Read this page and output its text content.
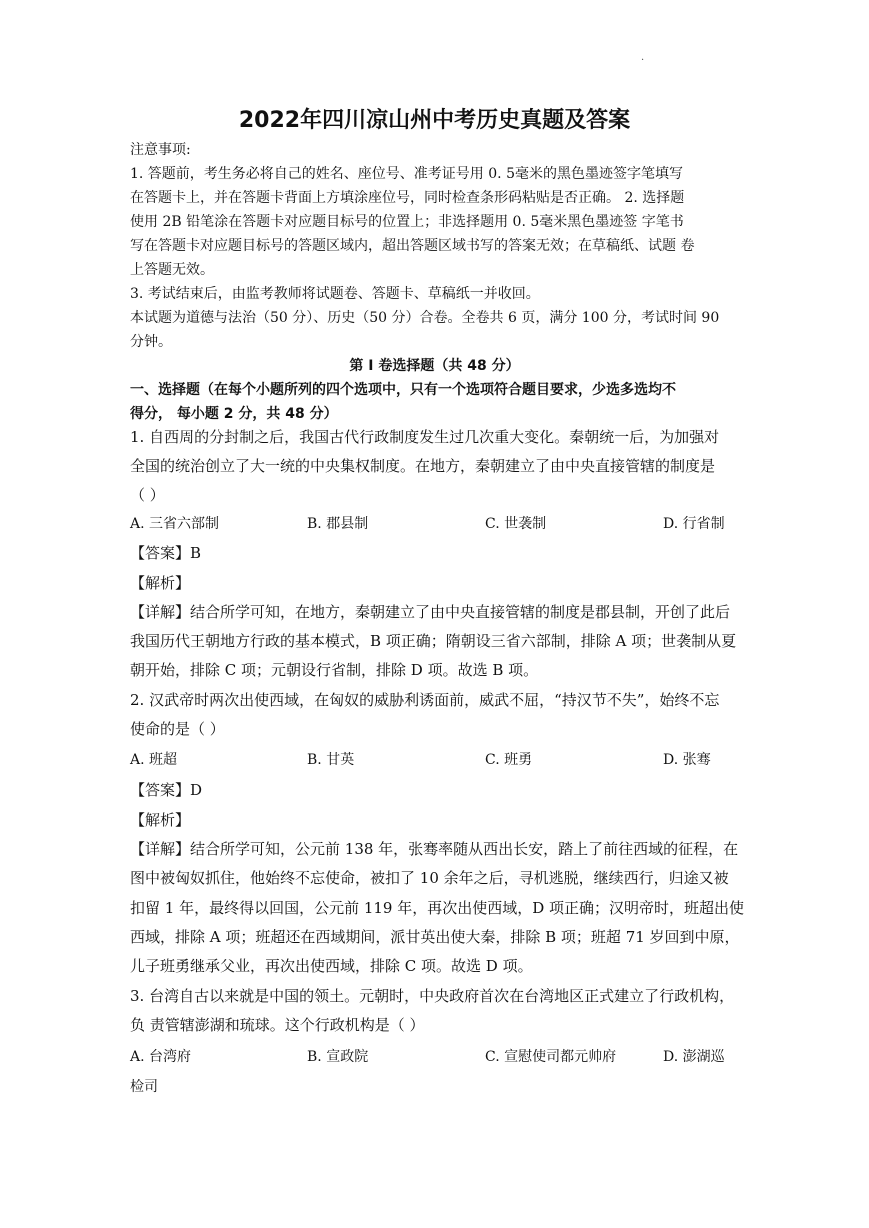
·
2022年四川凉山州中考历史真题及答案
注意事项:
1. 答题前，考生务必将自己的姓名、座位号、准考证号用 0. 5毫米的黑色墨迹签字笔填写
在答题卡上，并在答题卡背面上方填涂座位号，同时检查条形码粘贴是否正确。 2. 选择题
使用 2B 铅笔涂在答题卡对应题目标号的位置上；非选择题用 0. 5毫米黑色墨迹签 字笔书
写在答题卡对应题目标号的答题区域内，超出答题区域书写的答案无效；在草稿纸、试题 卷
上答题无效。
3. 考试结束后，由监考教师将试题卷、答题卡、草稿纸一并收回。
本试题为道德与法治（50 分）、历史（50 分）合卷。全卷共 6 页，满分 100 分，考试时间 90
分钟。
第 I 卷选择题（共 48 分）
一、选择题（在每个小题所列的四个选项中，只有一个选项符合题目要求，少选多选均不
得分， 每小题 2 分，共 48 分）
1. 自西周的分封制之后，我国古代行政制度发生过几次重大变化。秦朝统一后，为加强对
全国的统治创立了大一统的中央集权制度。在地方，秦朝建立了由中央直接管辖的制度是
（ ）
A. 三省六部制	B. 郡县制	C. 世袭制	D. 行省制
【答案】B
【解析】
【详解】结合所学可知，在地方，秦朝建立了由中央直接管辖的制度是郡县制，开创了此后
我国历代王朝地方行政的基本模式，B 项正确；隋朝设三省六部制，排除 A 项；世袭制从夏
朝开始，排除 C 项；元朝设行省制，排除 D 项。故选 B 项。
2. 汉武帝时两次出使西域，在匈奴的威胁利诱面前，威武不屈，“持汉节不失”，始终不忘
使命的是（ ）
A. 班超	B. 甘英	C. 班勇	D. 张骞
【答案】D
【解析】
【详解】结合所学可知，公元前 138 年，张骞率随从西出长安，踏上了前往西域的征程，在
图中被匈奴抓住，他始终不忘使命，被扣了 10 余年之后，寻机逃脱，继续西行，归途又被
扣留 1 年，最终得以回国，公元前 119 年，再次出使西域，D 项正确；汉明帝时，班超出使
西域，排除 A 项；班超还在西域期间，派甘英出使大秦，排除 B 项；班超 71 岁回到中原，
儿子班勇继承父业，再次出使西域，排除 C 项。故选 D 项。
3. 台湾自古以来就是中国的领土。元朝时，中央政府首次在台湾地区正式建立了行政机构，
负 责管辖澎湖和琉球。这个行政机构是（ ）
A. 台湾府	B. 宣政院	C. 宣慰使司都元帅府	D. 澎湖巡
检司
